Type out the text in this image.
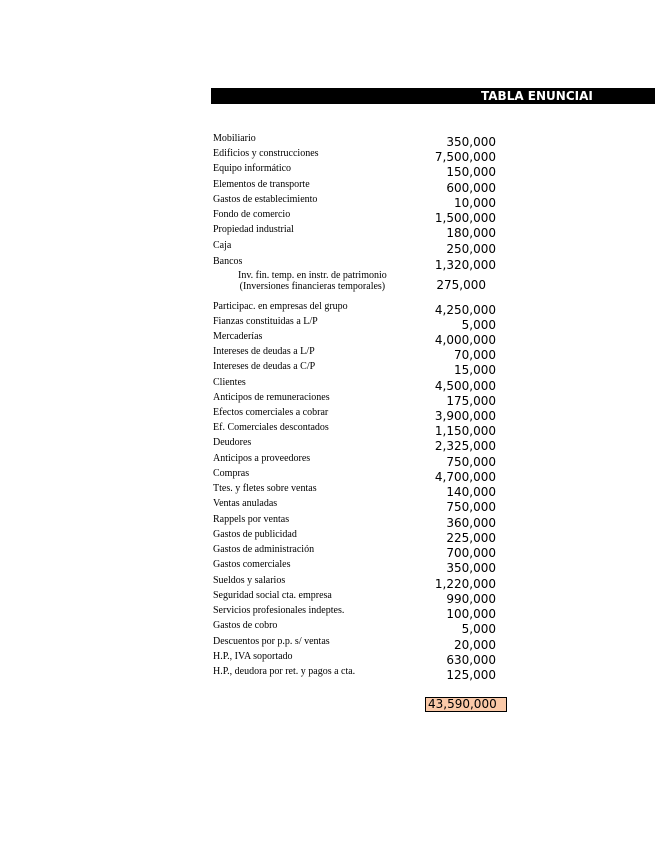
TABLA ENUNCIAI
Mobiliario	350,000
Edificios y construcciones	7,500,000
Equipo informático	150,000
Elementos de transporte	600,000
Gastos de establecimiento	10,000
Fondo de comercio	1,500,000
Propiedad industrial	180,000
Caja	250,000
Bancos	1,320,000
Inv. fin. temp. en instr. de patrimonio
(Inversiones financieras temporales)	275,000
Participac. en empresas del grupo	4,250,000
Fianzas constituidas a L/P	5,000
Mercaderías	4,000,000
Intereses de deudas a L/P	70,000
Intereses de deudas a C/P	15,000
Clientes	4,500,000
Anticipos de remuneraciones	175,000
Efectos comerciales a cobrar	3,900,000
Ef. Comerciales descontados	1,150,000
Deudores	2,325,000
Anticipos a proveedores	750,000
Compras	4,700,000
Ttes. y fletes sobre ventas	140,000
Ventas anuladas	750,000
Rappels por ventas	360,000
Gastos de publicidad	225,000
Gastos de administración	700,000
Gastos comerciales	350,000
Sueldos y salarios	1,220,000
Seguridad social cta. empresa	990,000
Servicios profesionales indeptes.	100,000
Gastos de cobro	5,000
Descuentos por p.p. s/ ventas	20,000
H.P., IVA soportado	630,000
H.P., deudora por ret. y pagos a cta.	125,000
43,590,000
